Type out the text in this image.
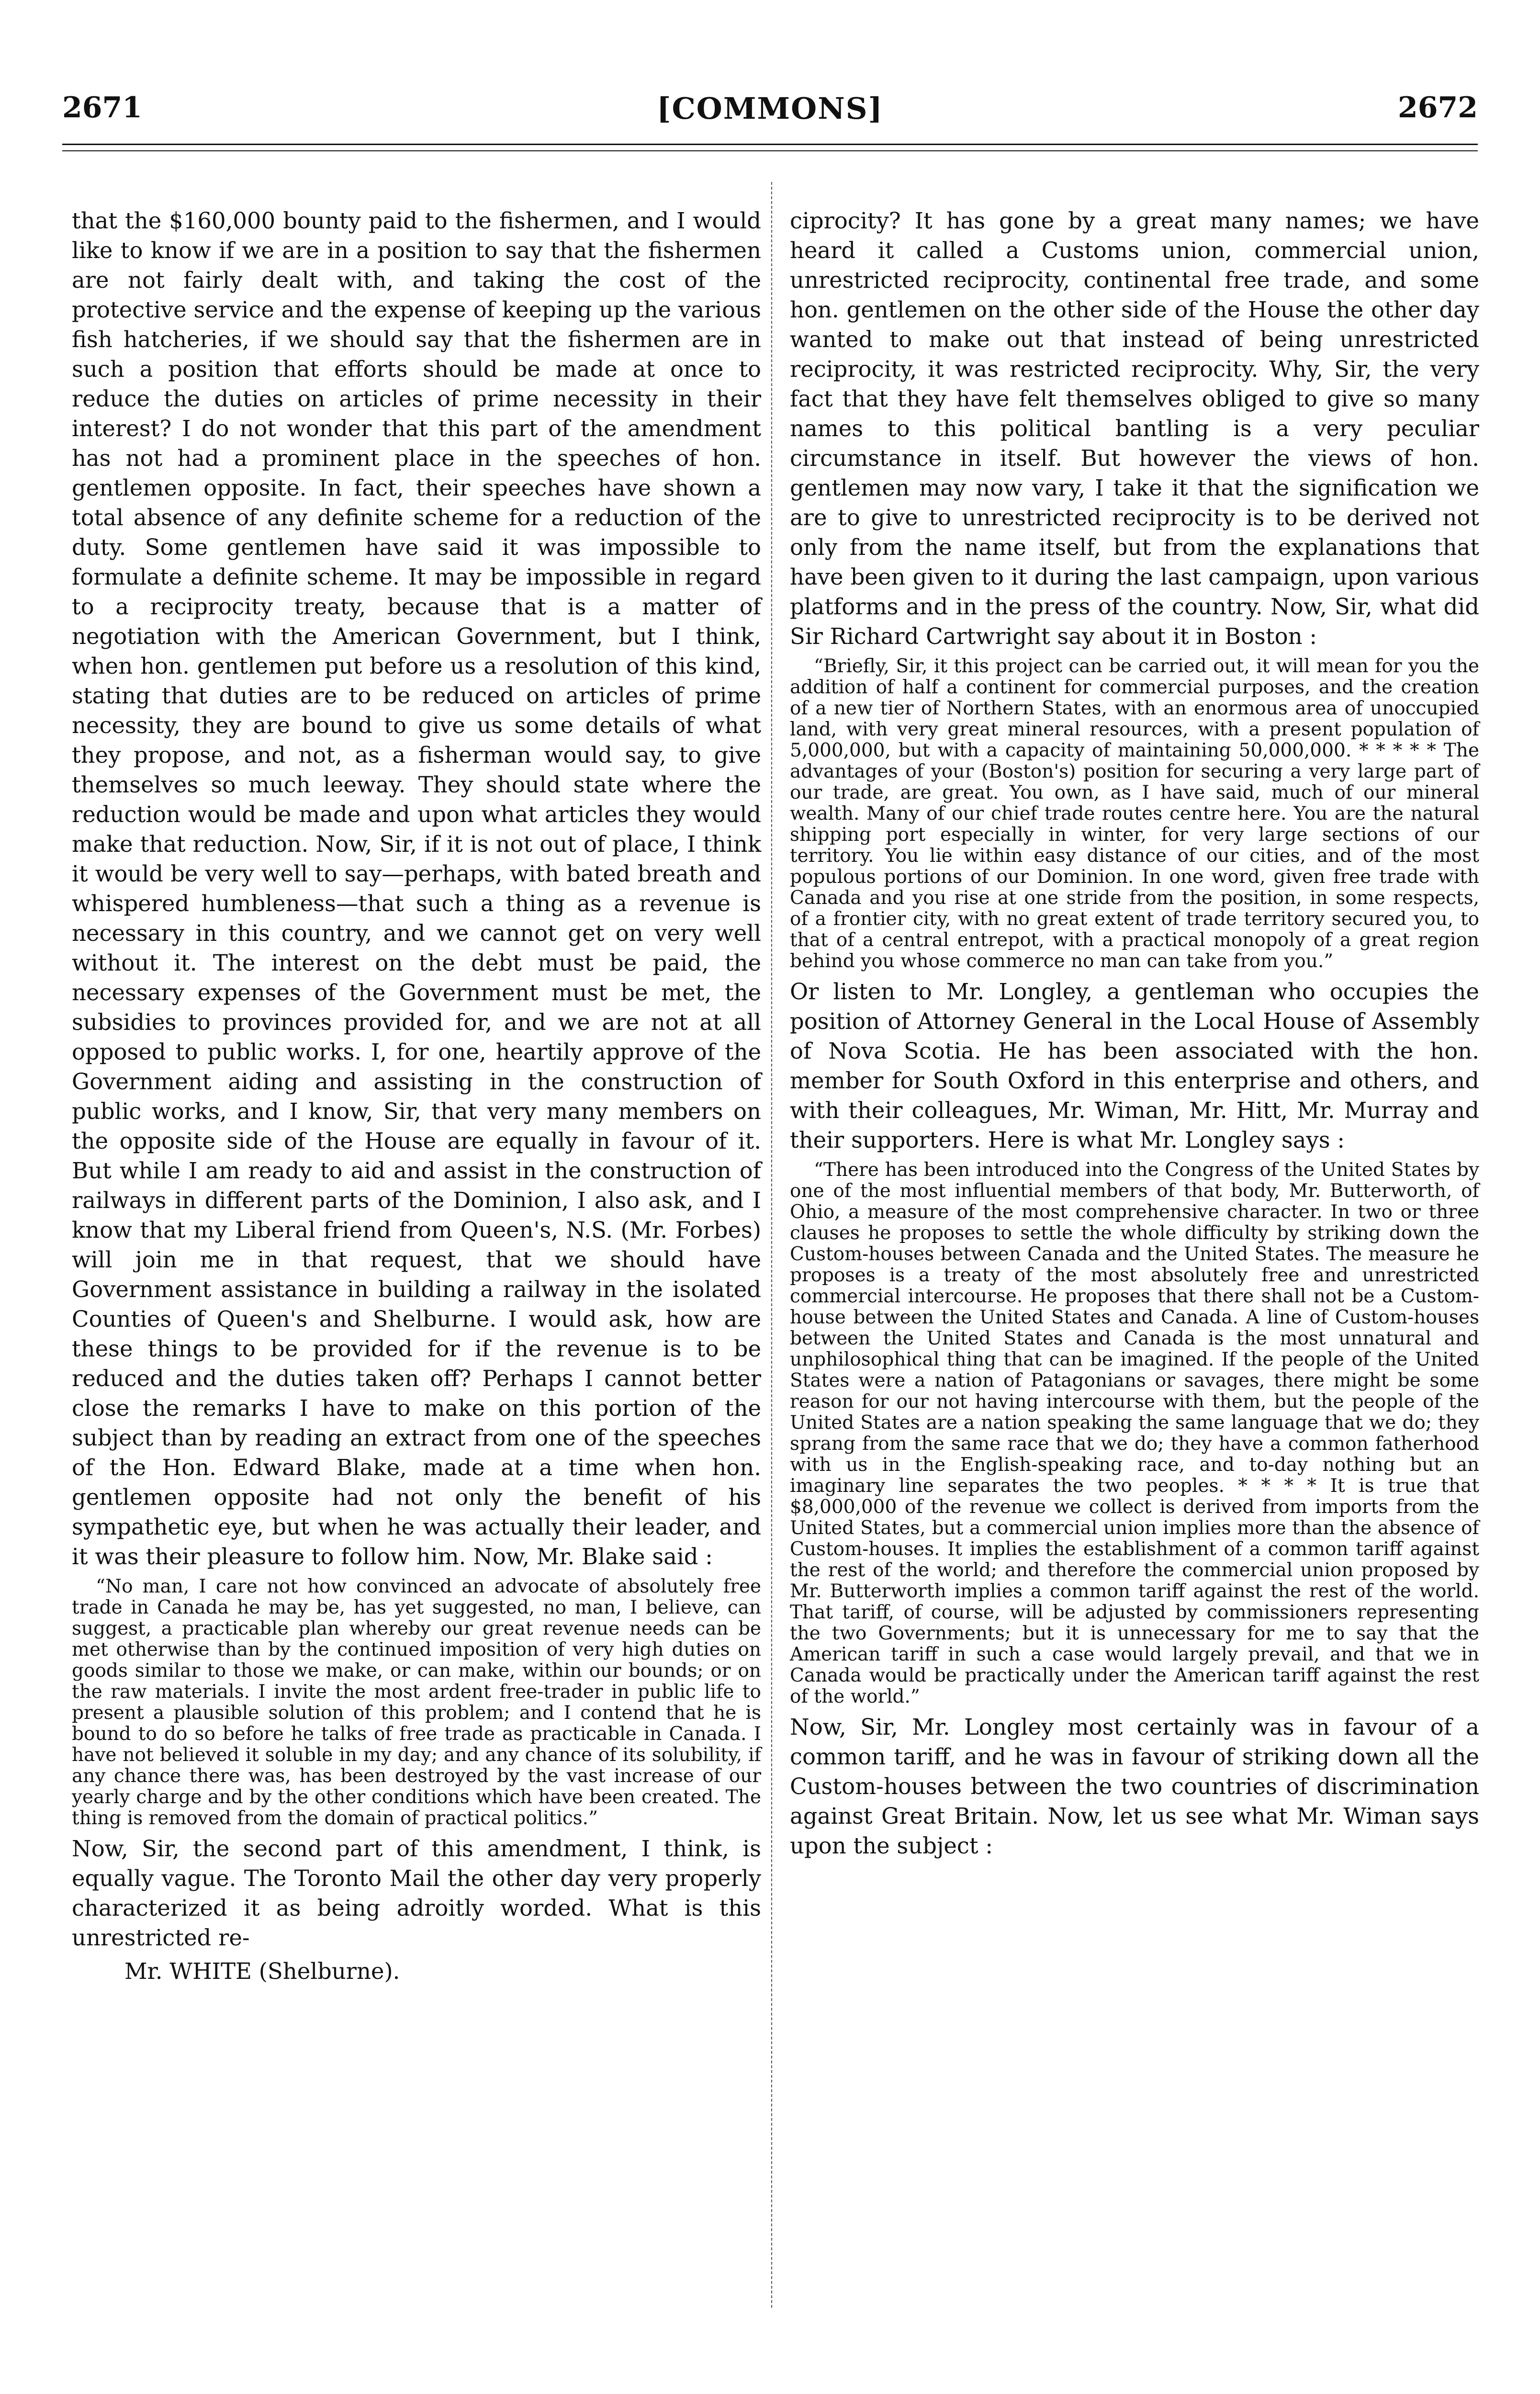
2671	[COMMONS]	2672

that the $160,000 bounty paid to the fishermen, and I would like to know if we are in a position to say that the fishermen are not fairly dealt with, and taking the cost of the protective service and the expense of keeping up the various fish hatcheries, if we should say that the fishermen are in such a position that efforts should be made at once to reduce the duties on articles of prime necessity in their interest? I do not wonder that this part of the amendment has not had a prominent place in the speeches of hon. gentlemen opposite. In fact, their speeches have shown a total absence of any definite scheme for a reduction of the duty. Some gentlemen have said it was impossible to formulate a definite scheme. It may be impossible in regard to a reciprocity treaty, because that is a matter of negotiation with the American Government, but I think, when hon. gentlemen put before us a resolution of this kind, stating that duties are to be reduced on articles of prime necessity, they are bound to give us some details of what they propose, and not, as a fisherman would say, to give themselves so much leeway. They should state where the reduction would be made and upon what articles they would make that reduction. Now, Sir, if it is not out of place, I think it would be very well to say—perhaps, with bated breath and whispered humbleness—that such a thing as a revenue is necessary in this country, and we cannot get on very well without it. The interest on the debt must be paid, the necessary expenses of the Government must be met, the subsidies to provinces provided for, and we are not at all opposed to public works. I, for one, heartily approve of the Government aiding and assisting in the construction of public works, and I know, Sir, that very many members on the opposite side of the House are equally in favour of it. But while I am ready to aid and assist in the construction of railways in different parts of the Dominion, I also ask, and I know that my Liberal friend from Queen's, N.S. (Mr. Forbes) will join me in that request, that we should have Government assistance in building a railway in the isolated Counties of Queen's and Shelburne. I would ask, how are these things to be provided for if the revenue is to be reduced and the duties taken off? Perhaps I cannot better close the remarks I have to make on this portion of the subject than by reading an extract from one of the speeches of the Hon. Edward Blake, made at a time when hon. gentlemen opposite had not only the benefit of his sympathetic eye, but when he was actually their leader, and it was their pleasure to follow him. Now, Mr. Blake said :

“No man, I care not how convinced an advocate of absolutely free trade in Canada he may be, has yet suggested, no man, I believe, can suggest, a practicable plan whereby our great revenue needs can be met otherwise than by the continued imposition of very high duties on goods similar to those we make, or can make, within our bounds; or on the raw materials. I invite the most ardent free-trader in public life to present a plausible solution of this problem; and I contend that he is bound to do so before he talks of free trade as practicable in Canada. I have not believed it soluble in my day; and any chance of its solubility, if any chance there was, has been destroyed by the vast increase of our yearly charge and by the other conditions which have been created. The thing is removed from the domain of practical politics.”

Now, Sir, the second part of this amendment, I think, is equally vague. The Toronto Mail the other day very properly characterized it as being adroitly worded. What is this unrestricted re-

Mr. WHITE (Shelburne).

ciprocity? It has gone by a great many names; we have heard it called a Customs union, commercial union, unrestricted reciprocity, continental free trade, and some hon. gentlemen on the other side of the House the other day wanted to make out that instead of being unrestricted reciprocity, it was restricted reciprocity. Why, Sir, the very fact that they have felt themselves obliged to give so many names to this political bantling is a very peculiar circumstance in itself. But however the views of hon. gentlemen may now vary, I take it that the signification we are to give to unrestricted reciprocity is to be derived not only from the name itself, but from the explanations that have been given to it during the last campaign, upon various platforms and in the press of the country. Now, Sir, what did Sir Richard Cartwright say about it in Boston :

“Briefly, Sir, it this project can be carried out, it will mean for you the addition of half a continent for commercial purposes, and the creation of a new tier of Northern States, with an enormous area of unoccupied land, with very great mineral resources, with a present population of 5,000,000, but with a capacity of maintaining 50,000,000. * * * * * The advantages of your (Boston's) position for securing a very large part of our trade, are great. You own, as I have said, much of our mineral wealth. Many of our chief trade routes centre here. You are the natural shipping port especially in winter, for very large sections of our territory. You lie within easy distance of our cities, and of the most populous portions of our Dominion. In one word, given free trade with Canada and you rise at one stride from the position, in some respects, of a frontier city, with no great extent of trade territory secured you, to that of a central entrepot, with a practical monopoly of a great region behind you whose commerce no man can take from you.”

Or listen to Mr. Longley, a gentleman who occupies the position of Attorney General in the Local House of Assembly of Nova Scotia. He has been associated with the hon. member for South Oxford in this enterprise and others, and with their colleagues, Mr. Wiman, Mr. Hitt, Mr. Murray and their supporters. Here is what Mr. Longley says :

“There has been introduced into the Congress of the United States by one of the most influential members of that body, Mr. Butterworth, of Ohio, a measure of the most comprehensive character. In two or three clauses he proposes to settle the whole difficulty by striking down the Custom-houses between Canada and the United States. The measure he proposes is a treaty of the most absolutely free and unrestricted commercial intercourse. He proposes that there shall not be a Custom-house between the United States and Canada. A line of Custom-houses between the United States and Canada is the most unnatural and unphilosophical thing that can be imagined. If the people of the United States were a nation of Patagonians or savages, there might be some reason for our not having intercourse with them, but the people of the United States are a nation speaking the same language that we do; they sprang from the same race that we do; they have a common fatherhood with us in the English-speaking race, and to-day nothing but an imaginary line separates the two peoples. * * * * It is true that $8,000,000 of the revenue we collect is derived from imports from the United States, but a commercial union implies more than the absence of Custom-houses. It implies the establishment of a common tariff against the rest of the world; and therefore the commercial union proposed by Mr. Butterworth implies a common tariff against the rest of the world. That tariff, of course, will be adjusted by commissioners representing the two Governments; but it is unnecessary for me to say that the American tariff in such a case would largely prevail, and that we in Canada would be practically under the American tariff against the rest of the world.”

Now, Sir, Mr. Longley most certainly was in favour of a common tariff, and he was in favour of striking down all the Custom-houses between the two countries of discrimination against Great Britain. Now, let us see what Mr. Wiman says upon the subject :
